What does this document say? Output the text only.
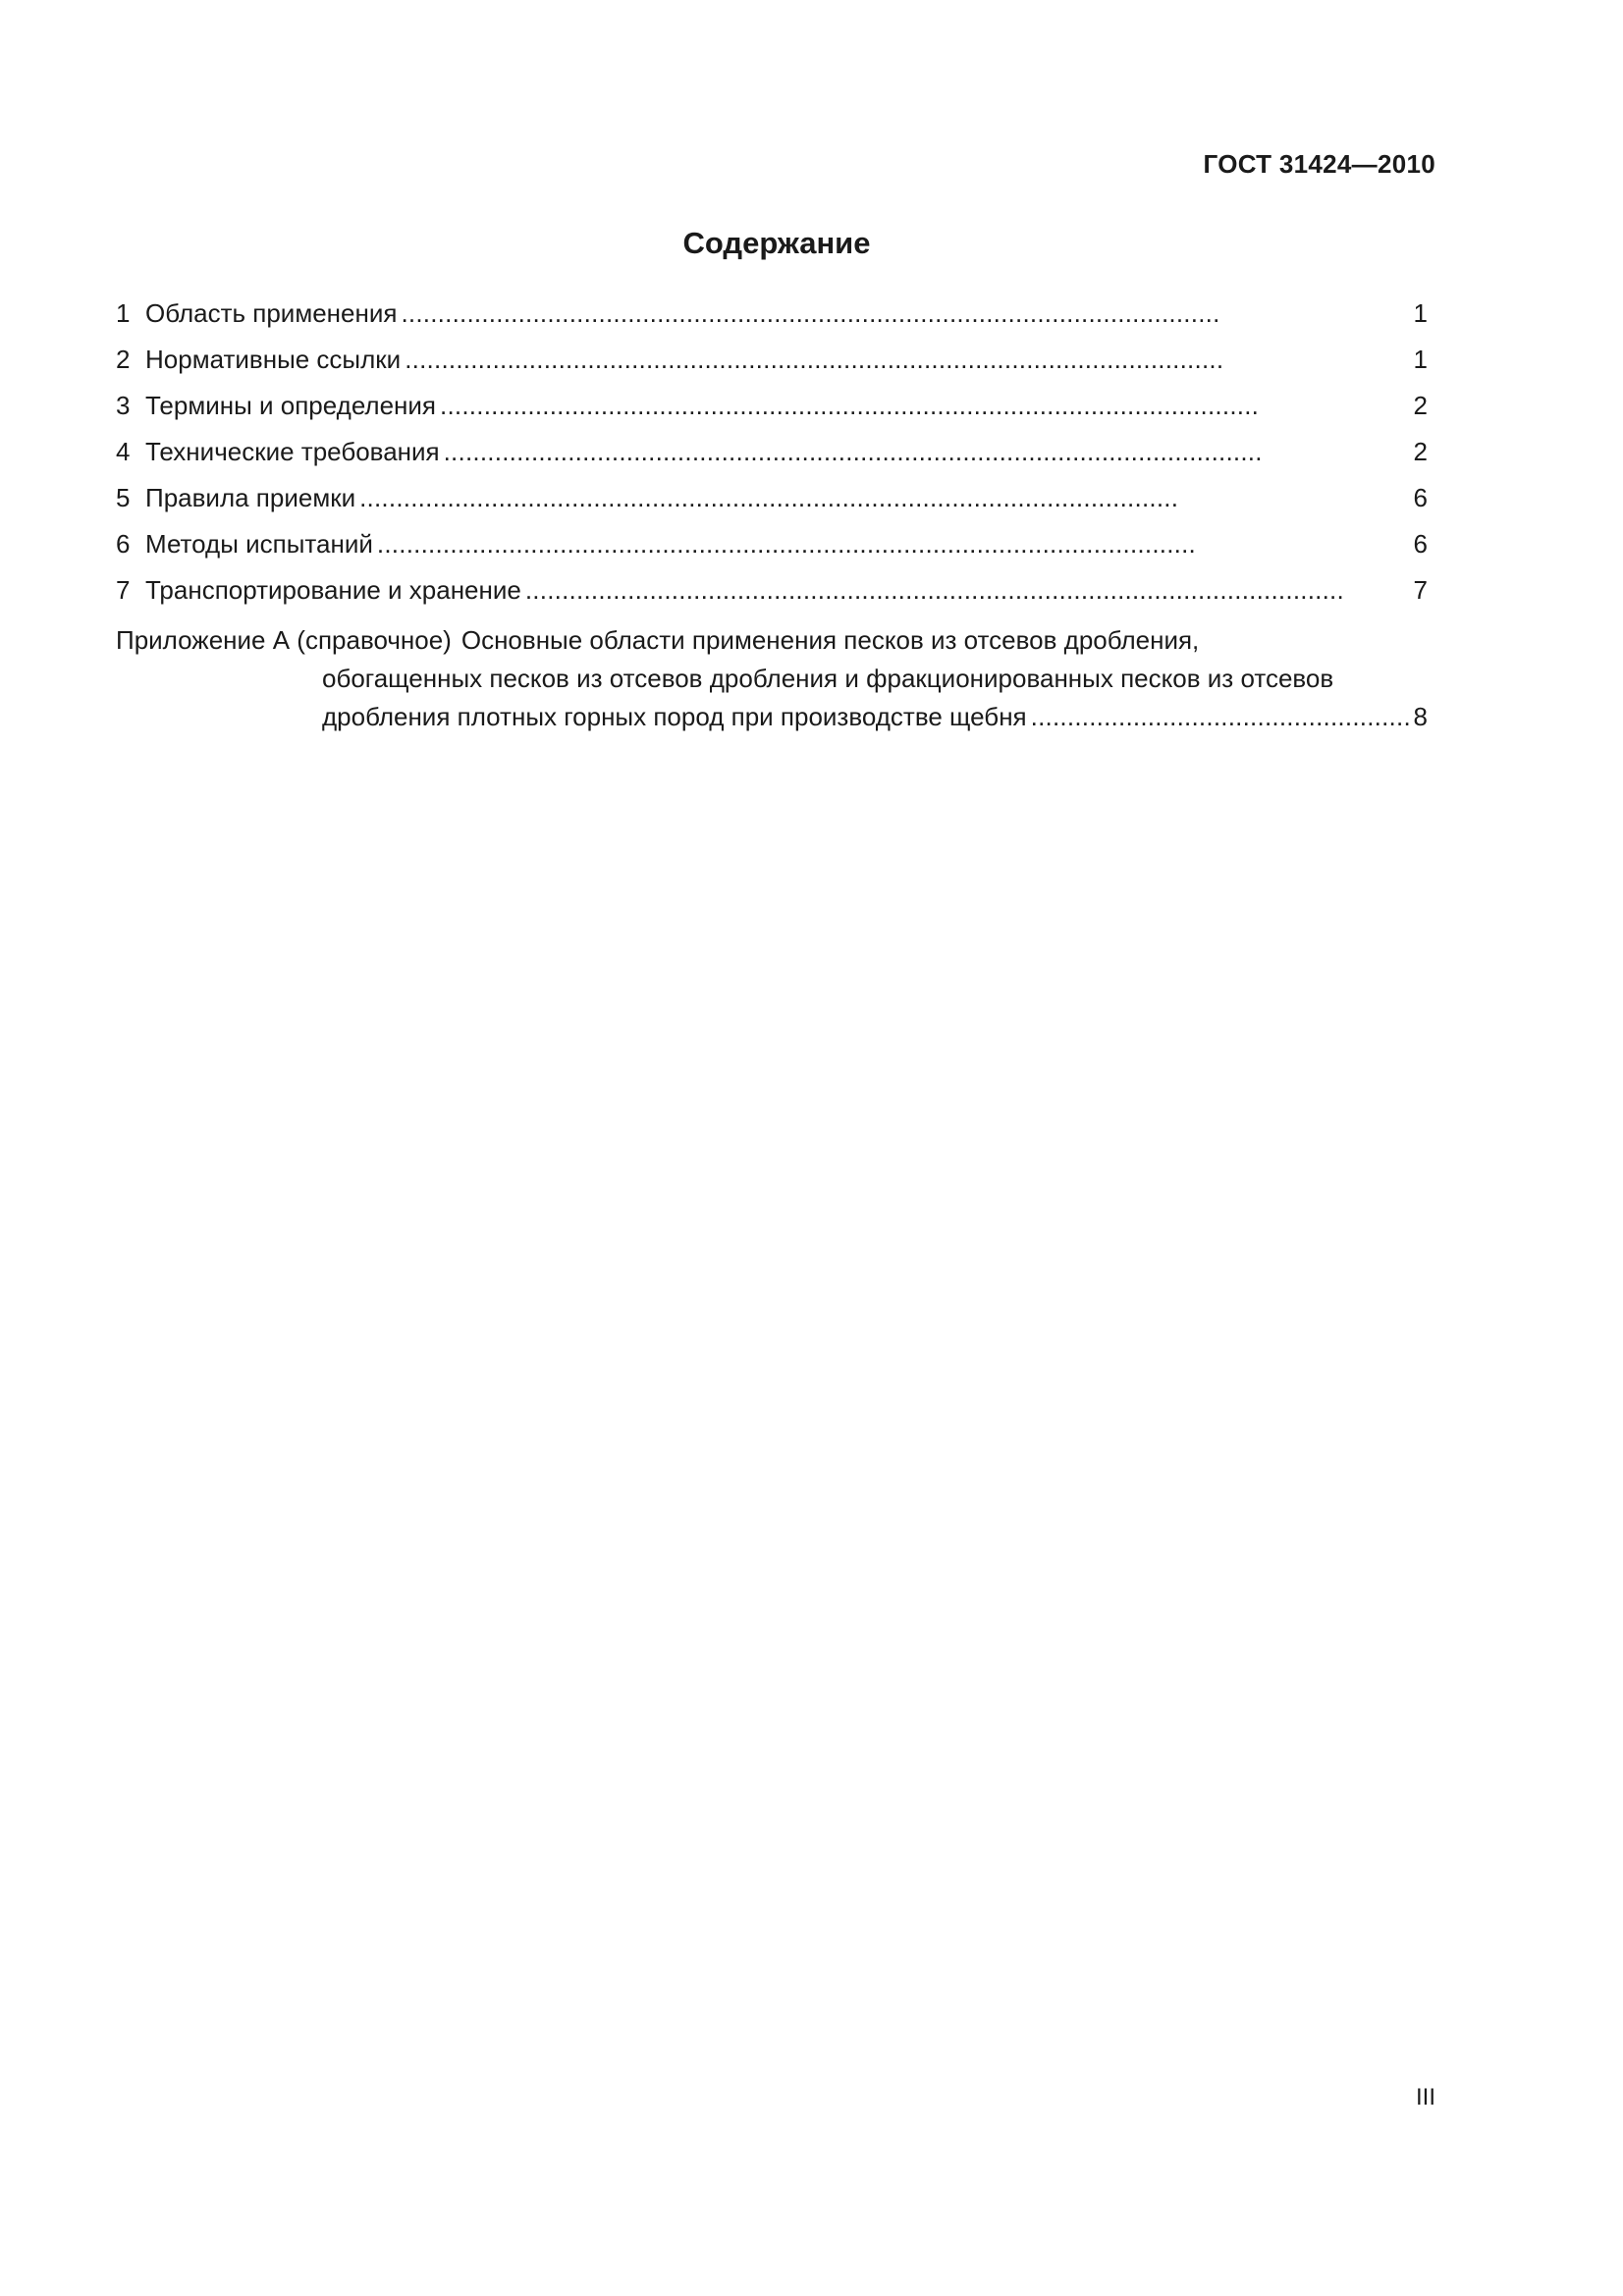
ГОСТ 31424—2010
Содержание
1 Область применения . . .	1
2 Нормативные ссылки . . .	1
3 Термины и определения . . .	2
4 Технические требования . . .	2
5 Правила приемки . . .	6
6 Методы испытаний . . .	6
7 Транспортирование и хранение . . .	7
Приложение А (справочное) Основные области применения песков из отсевов дробления,
обогащенных песков из отсевов дробления и фракционированных песков из отсевов
дробления плотных горных пород при производстве щебня . . .	8
III
